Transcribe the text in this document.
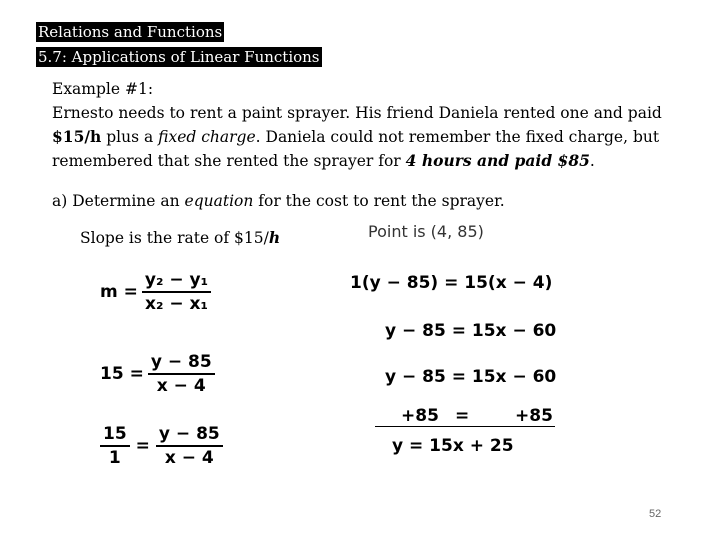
Relations and Functions
5.7: Applications of Linear Functions
Example #1:
Ernesto needs to rent a paint sprayer. His friend Daniela rented one and paid
$15/h plus a fixed charge. Daniela could not remember the fixed charge, but
remembered that she rented the sprayer for 4 hours and paid $85.
a) Determine an equation for the cost to rent the sprayer.
Slope is the rate of $15/h	Point is (4, 85)
$m = \frac{\text{y₂ − y₁}}{\text{x₂ − x₁}}$
$15 = \frac{y - 85}{x - 4}$
$\frac{15}{1} = \frac{y - 85}{x - 4}$
1(y − 85) = 15(x − 4)
y − 85 = 15x − 60
y − 85 = 15x − 60
+85 =	+85
y = 15x + 25
52
